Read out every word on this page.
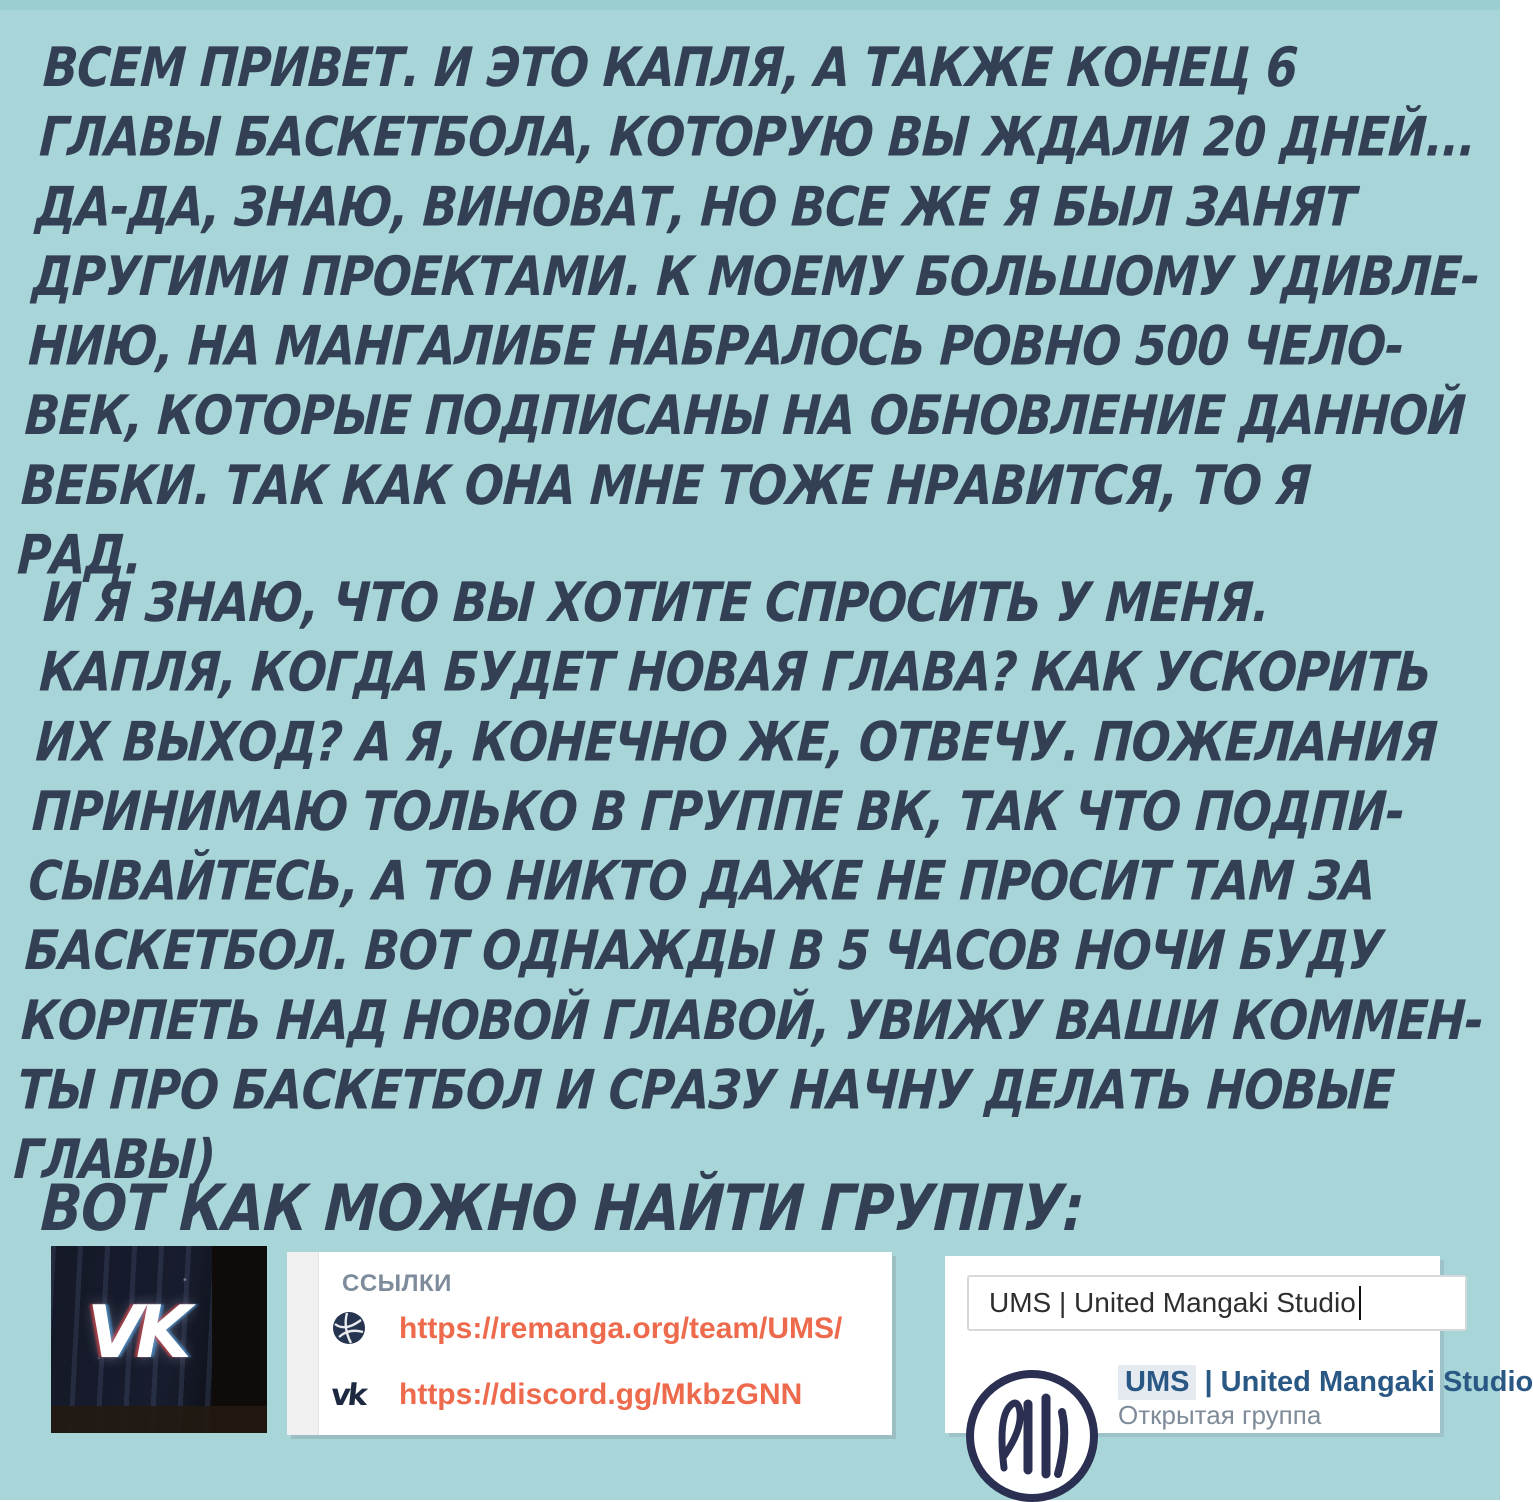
ВСЕМ ПРИВЕТ. И ЭТО КАПЛЯ, А ТАКЖЕ КОНЕЦ 6
ГЛАВЫ БАСКЕТБОЛА, КОТОРУЮ ВЫ ЖДАЛИ 20 ДНЕЙ...
ДА-ДА, ЗНАЮ, ВИНОВАТ, НО ВСЕ ЖЕ Я БЫЛ ЗАНЯТ
ДРУГИМИ ПРОЕКТАМИ. К МОЕМУ БОЛЬШОМУ УДИВЛЕ-
НИЮ, НА МАНГАЛИБЕ НАБРАЛОСЬ РОВНО 500 ЧЕЛО-
ВЕК, КОТОРЫЕ ПОДПИСАНЫ НА ОБНОВЛЕНИЕ ДАННОЙ
ВЕБКИ. ТАК КАК ОНА МНЕ ТОЖЕ НРАВИТСЯ, ТО Я
РАД.
И Я ЗНАЮ, ЧТО ВЫ ХОТИТЕ СПРОСИТЬ У МЕНЯ.
КАПЛЯ, КОГДА БУДЕТ НОВАЯ ГЛАВА? КАК УСКОРИТЬ
ИХ ВЫХОД? А Я, КОНЕЧНО ЖЕ, ОТВЕЧУ. ПОЖЕЛАНИЯ
ПРИНИМАЮ ТОЛЬКО В ГРУППЕ ВК, ТАК ЧТО ПОДПИ-
СЫВАЙТЕСЬ, А ТО НИКТО ДАЖЕ НЕ ПРОСИТ ТАМ ЗА
БАСКЕТБОЛ. ВОТ ОДНАЖДЫ В 5 ЧАСОВ НОЧИ БУДУ
КОРПЕТЬ НАД НОВОЙ ГЛАВОЙ, УВИЖУ ВАШИ КОММЕН-
ТЫ ПРО БАСКЕТБОЛ И СРАЗУ НАЧНУ ДЕЛАТЬ НОВЫЕ
ГЛАВЫ)
ВОТ КАК МОЖНО НАЙТИ ГРУППУ:
VK
ССЫЛКИ
https://remanga.org/team/UMS/
vk https://discord.gg/MkbzGNN
UMS | United Mangaki Studio
UMS | United Mangaki Studio
Открытая группа
